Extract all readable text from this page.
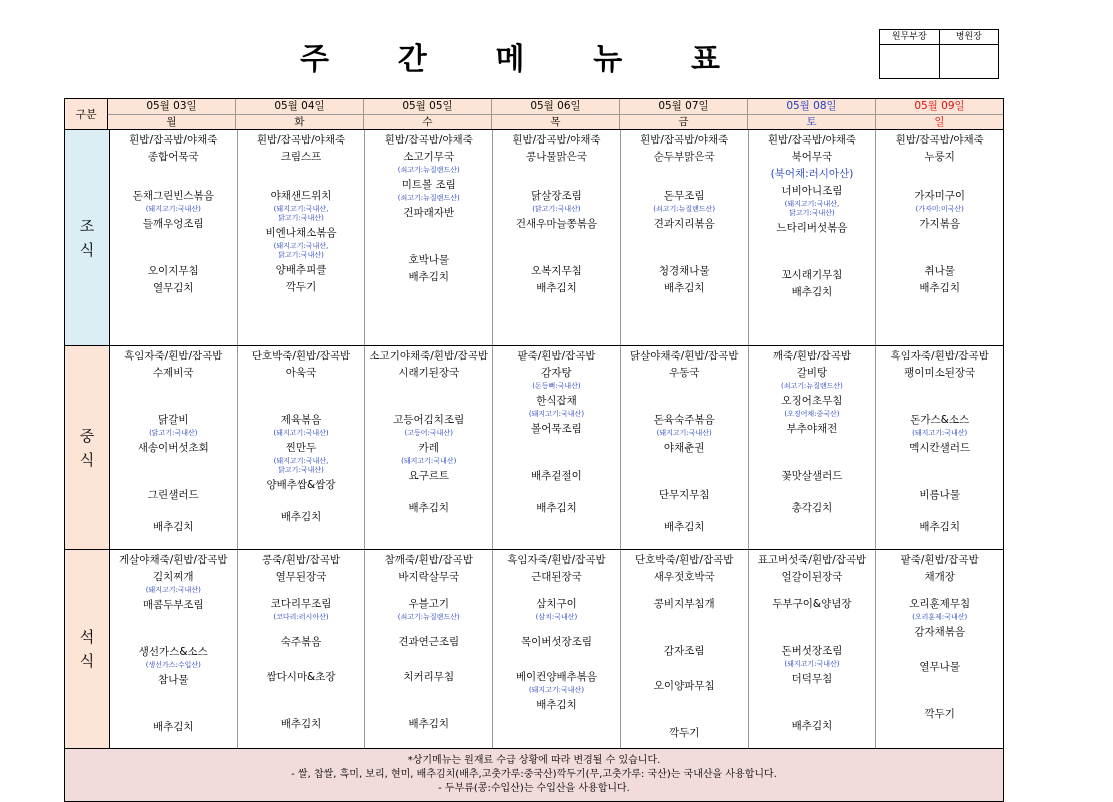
주 간 메 뉴 표
원무부장	병원장
구분
05월 03일
월
05월 04일
화
05월 05일
수
05월 06일
목
05월 07일
금
05월 08일
토
05월 09일
일
조
식
흰밥/잡곡밥/야채죽
종합어묵국
돈채그린빈스볶음
(돼지고기:국내산)
들깨우엉조림
오이지무침
열무김치
흰밥/잡곡밥/야채죽
크림스프
야채샌드위치
(돼지고기:국내산,
닭고기:국내산)
비엔나채소볶음
(돼지고기:국내산,
닭고기:국내산)
양배추피클
깍두기
흰밥/잡곡밥/야채죽
소고기무국
(쇠고기:뉴질랜드산)
미트볼 조림
(쇠고기:뉴질랜드산)
건파래자반
호박나물
배추김치
흰밥/잡곡밥/야채죽
콩나물맑은국
닭살장조림
(닭고기:국내산)
건새우마늘쫑볶음
오복지무침
배추김치
흰밥/잡곡밥/야채죽
순두부맑은국
돈무조림
(쇠고기:뉴질랜드산)
견과지리볶음
청경채나물
배추김치
흰밥/잡곡밥/야채죽
북어무국
(북어채:러시아산)
너비아니조림
(돼지고기:국내산,
닭고기:국내산)
느타리버섯볶음
꼬시래기무침
배추김치
흰밥/잡곡밥/야채죽
누룽지
가자미구이
(가자미:미국산)
가지볶음
취나물
배추김치
중
식
흑임자죽/흰밥/잡곡밥
수제비국
닭갈비
(닭고기:국내산)
새송이버섯초회
그린샐러드
배추김치
단호박죽/흰밥/잡곡밥
아욱국
제육볶음
(돼지고기:국내산)
찐만두
(돼지고기:국내산,
닭고기:국내산)
양배추쌈&쌈장
배추김치
소고기야채죽/흰밥/잡곡밥
시래기된장국
고등어김치조림
(고등어:국내산)
카레
(돼지고기:국내산)
요구르트
배추김치
팥죽/흰밥/잡곡밥
감자탕
(돈등뼈:국내산)
한식잡채
(돼지고기:국내산)
볼어묵조림
배추겉절이
배추김치
닭살야채죽/흰밥/잡곡밥
우동국
돈육숙주볶음
(돼지고기:국내산)
야채춘권
단무지무침
배추김치
깨죽/흰밥/잡곡밥
갈비탕
(쇠고기:뉴질랜드산)
오징어초무침
(오징어채:중국산)
부추야채전
꽃맛살샐러드
총각김치
흑임자죽/흰밥/잡곡밥
팽이미소된장국
돈가스&소스
(돼지고기:국내산)
멕시칸샐러드
비름나물
배추김치
석
식
게살야채죽/흰밥/잡곡밥
김치찌개
(돼지고기:국내산)
매콤두부조림
생선가스&소스
(생선가스:수입산)
참나물
배추김치
콩죽/흰밥/잡곡밥
열무된장국
코다리무조림
(코다리:러시아산)
숙주볶음
쌈다시마&초장
배추김치
참깨죽/흰밥/잡곡밥
바지락살무국
우블고기
(쇠고기:뉴질랜드산)
견과연근조림
치커리무침
배추김치
흑임자죽/흰밥/잡곡밥
근대된장국
삼치구이
(삼치:국내산)
목이버섯장조림
베이컨양배추볶음
(돼지고기:국내산)
배추김치
단호박죽/흰밥/잡곡밥
새우젓호박국
콩비지부침개
감자조림
오이양파무침
깍두기
표고버섯죽/흰밥/잡곡밥
얼갈이된장국
두부구이&양념장
돈버섯장조림
(돼지고기:국내산)
더덕무침
배추김치
팥죽/흰밥/잡곡밥
채개장
오리훈제무침
(오리훈제:국내산)
감자채볶음
열무나물
깍두기
*상기메뉴는 원재료 수급 상황에 따라 변경될 수 있습니다.
- 쌀, 찹쌀, 흑미, 보리, 현미, 배추김치(배추,고춧가루:중국산)깍두기(무,고춧가루: 국산)는 국내산을 사용합니다.
- 두부류(콩:수입산)는 수입산을 사용합니다.
